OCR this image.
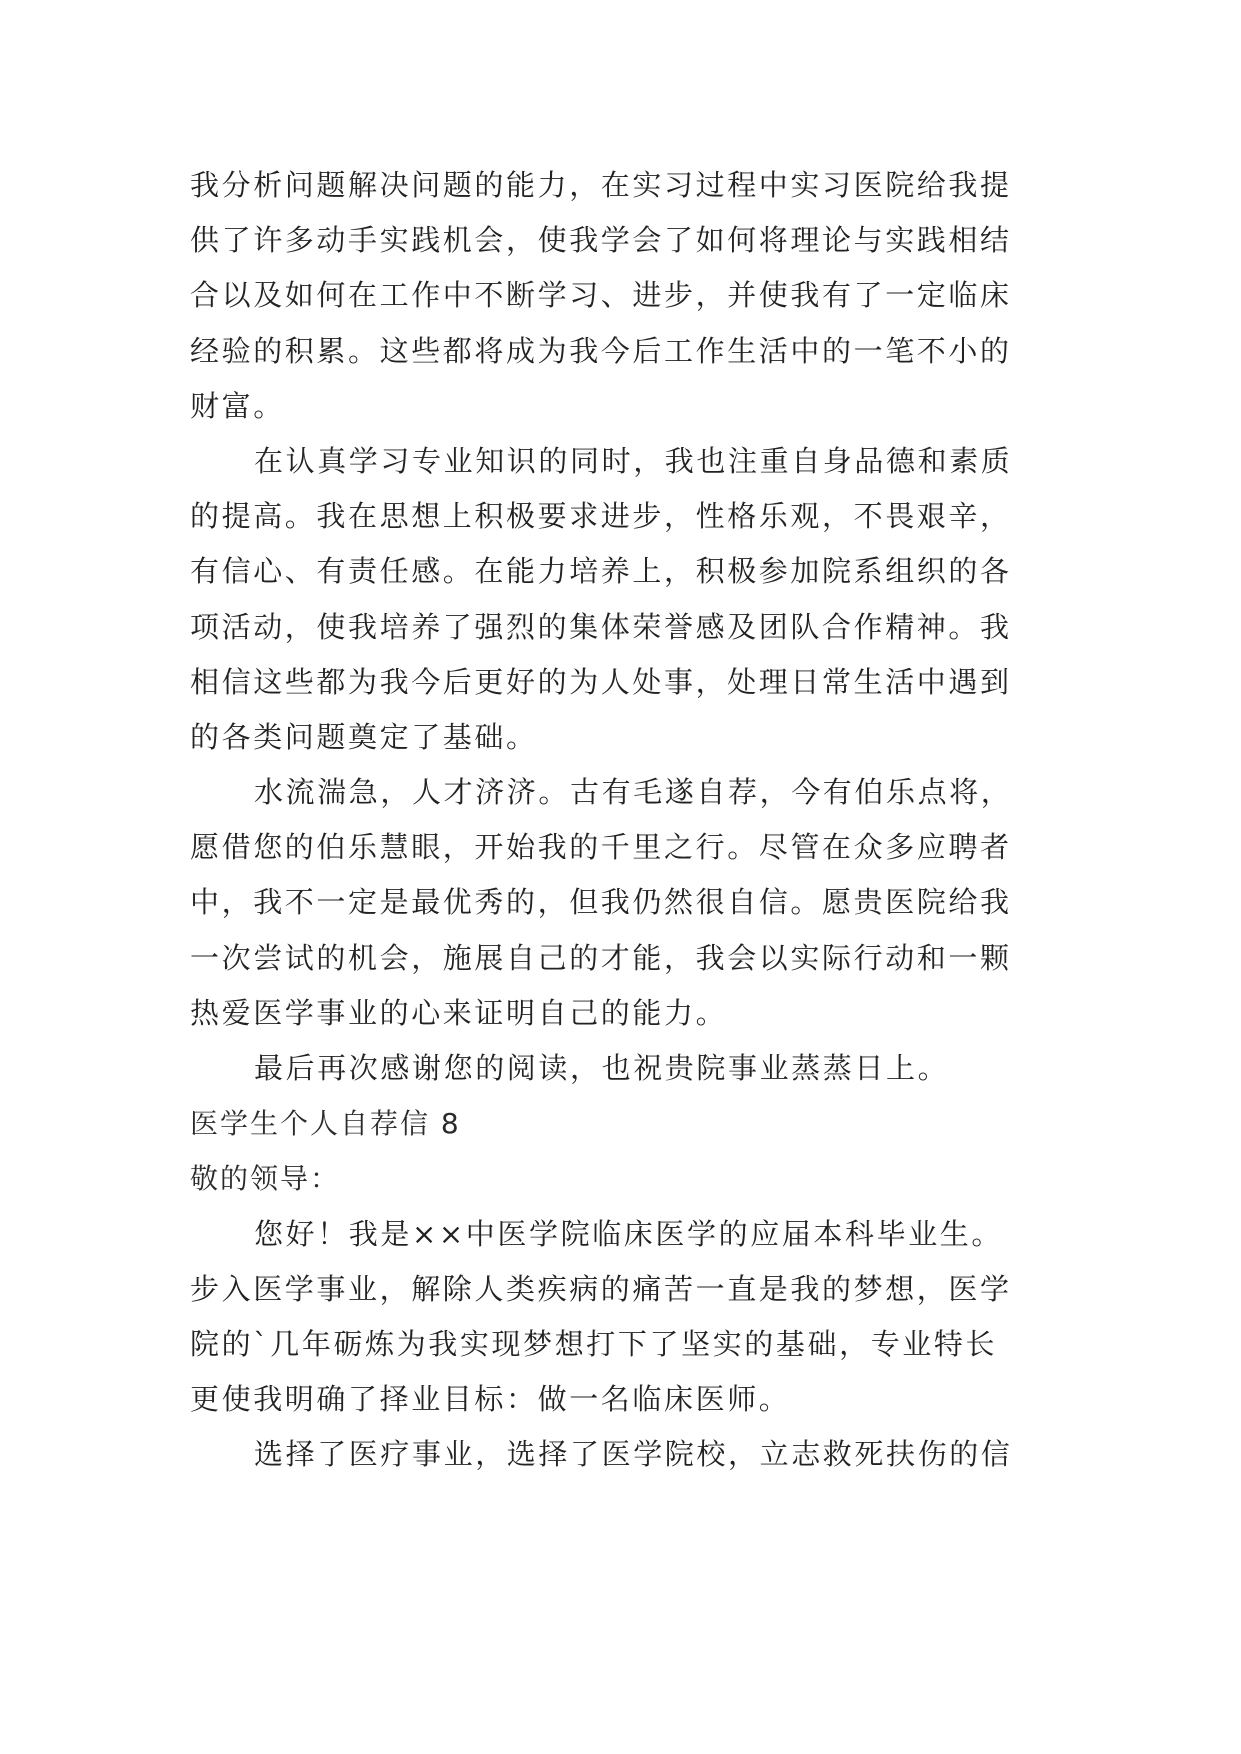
我分析问题解决问题的能力，在实习过程中实习医院给我提
供了许多动手实践机会，使我学会了如何将理论与实践相结
合以及如何在工作中不断学习、进步，并使我有了一定临床
经验的积累。这些都将成为我今后工作生活中的一笔不小的
财富。
在认真学习专业知识的同时，我也注重自身品德和素质
的提高。我在思想上积极要求进步，性格乐观，不畏艰辛，
有信心、有责任感。在能力培养上，积极参加院系组织的各
项活动，使我培养了强烈的集体荣誉感及团队合作精神。我
相信这些都为我今后更好的为人处事，处理日常生活中遇到
的各类问题奠定了基础。
水流湍急，人才济济。古有毛遂自荐，今有伯乐点将，
愿借您的伯乐慧眼，开始我的千里之行。尽管在众多应聘者
中，我不一定是最优秀的，但我仍然很自信。愿贵医院给我
一次尝试的机会，施展自己的才能，我会以实际行动和一颗
热爱医学事业的心来证明自己的能力。
最后再次感谢您的阅读，也祝贵院事业蒸蒸日上。
医学生个人自荐信 8
敬的领导：
您好！我是××中医学院临床医学的应届本科毕业生。
步入医学事业，解除人类疾病的痛苦一直是我的梦想，医学
院的`几年砺炼为我实现梦想打下了坚实的基础，专业特长
更使我明确了择业目标：做一名临床医师。
选择了医疗事业，选择了医学院校，立志救死扶伤的信
